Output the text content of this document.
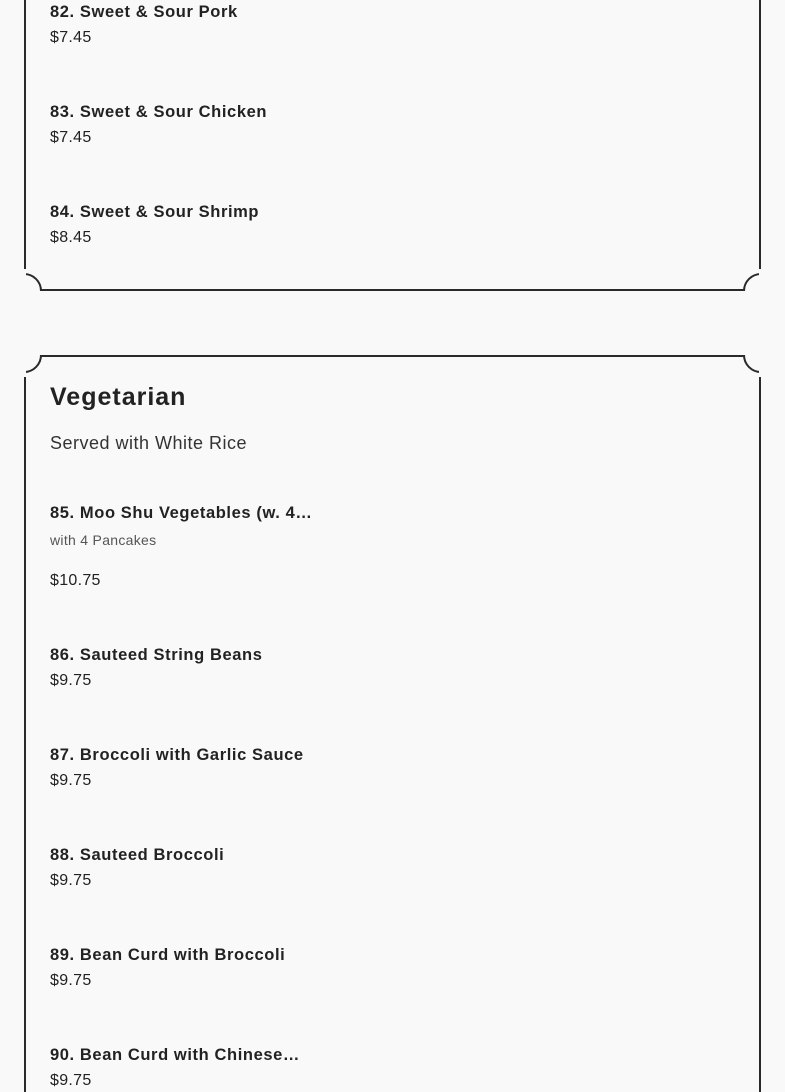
82. Sweet & Sour Pork
$7.45
83. Sweet & Sour Chicken
$7.45
84. Sweet & Sour Shrimp
$8.45
Vegetarian
Served with White Rice
85. Moo Shu Vegetables (w. 4…
with 4 Pancakes
$10.75
86. Sauteed String Beans
$9.75
87. Broccoli with Garlic Sauce
$9.75
88. Sauteed Broccoli
$9.75
89. Bean Curd with Broccoli
$9.75
90. Bean Curd with Chinese…
$9.75
